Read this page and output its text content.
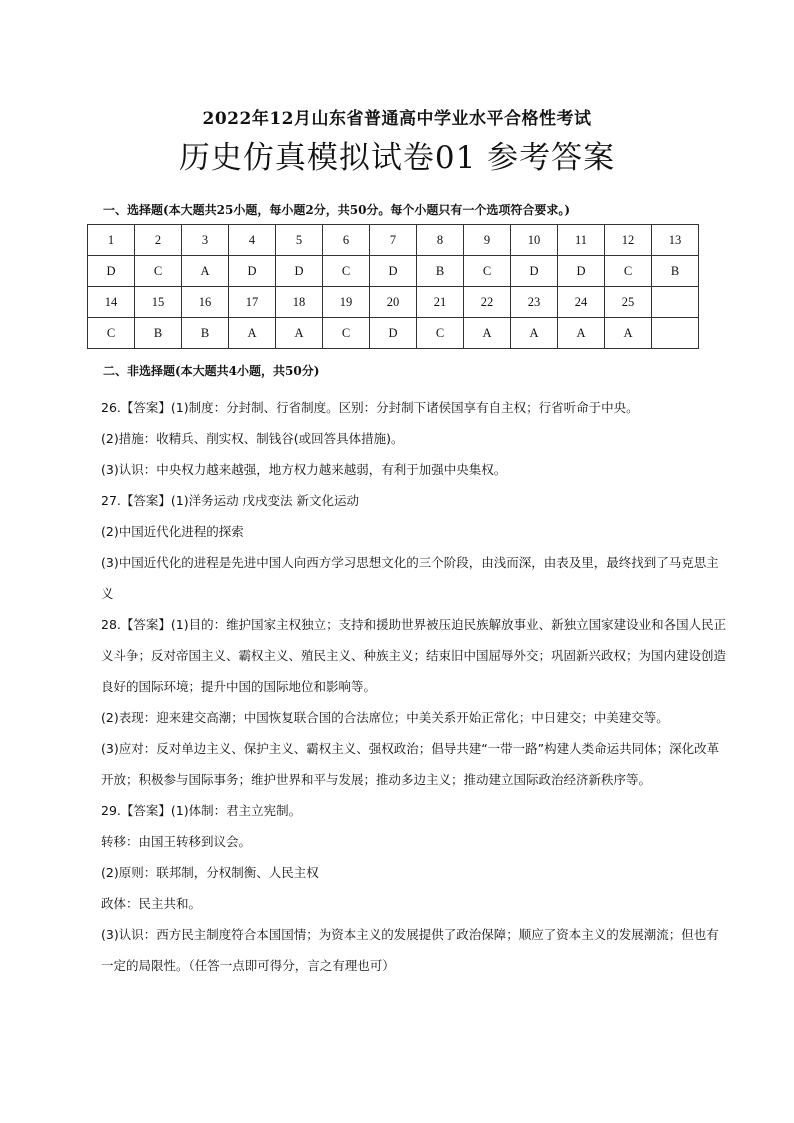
2022年12月山东省普通高中学业水平合格性考试
历史仿真模拟试卷01 参考答案
一、选择题(本大题共25小题，每小题2分，共50分。每个小题只有一个选项符合要求。)
1	2	3	4	5	6	7	8	9	10	11	12	13
D	C	A	D	D	C	D	B	C	D	D	C	B
14	15	16	17	18	19	20	21	22	23	24	25	
C	B	B	A	A	C	D	C	A	A	A	A	
二、非选择题(本大题共4小题，共50分)

26.【答案】(1)制度：分封制、行省制度。区别：分封制下诸侯国享有自主权；行省听命于中央。

(2)措施：收精兵、削实权、制钱谷(或回答具体措施)。

(3)认识：中央权力越来越强，地方权力越来越弱，有利于加强中央集权。

27.【答案】(1)洋务运动 戊戌变法 新文化运动

(2)中国近代化进程的探索

(3)中国近代化的进程是先进中国人向西方学习思想文化的三个阶段，由浅而深，由表及里，最终找到了马克思主义

28.【答案】(1)目的：维护国家主权独立；支持和援助世界被压迫民族解放事业、新独立国家建设业和各国人民正义斗争；反对帝国主义、霸权主义、殖民主义、种族主义；结束旧中国屈辱外交；巩固新兴政权；为国内建设创造良好的国际环境；提升中国的国际地位和影响等。

(2)表现：迎来建交高潮；中国恢复联合国的合法席位；中美关系开始正常化；中日建交；中美建交等。

(3)应对：反对单边主义、保护主义、霸权主义、强权政治；倡导共建“一带一路”构建人类命运共同体；深化改革开放；积极参与国际事务；维护世界和平与发展；推动多边主义；推动建立国际政治经济新秩序等。

29.【答案】(1)体制：君主立宪制。

转移：由国王转移到议会。

(2)原则：联邦制，分权制衡、人民主权

政体：民主共和。

(3)认识：西方民主制度符合本国国情；为资本主义的发展提供了政治保障；顺应了资本主义的发展潮流；但也有一定的局限性。（任答一点即可得分，言之有理也可）
